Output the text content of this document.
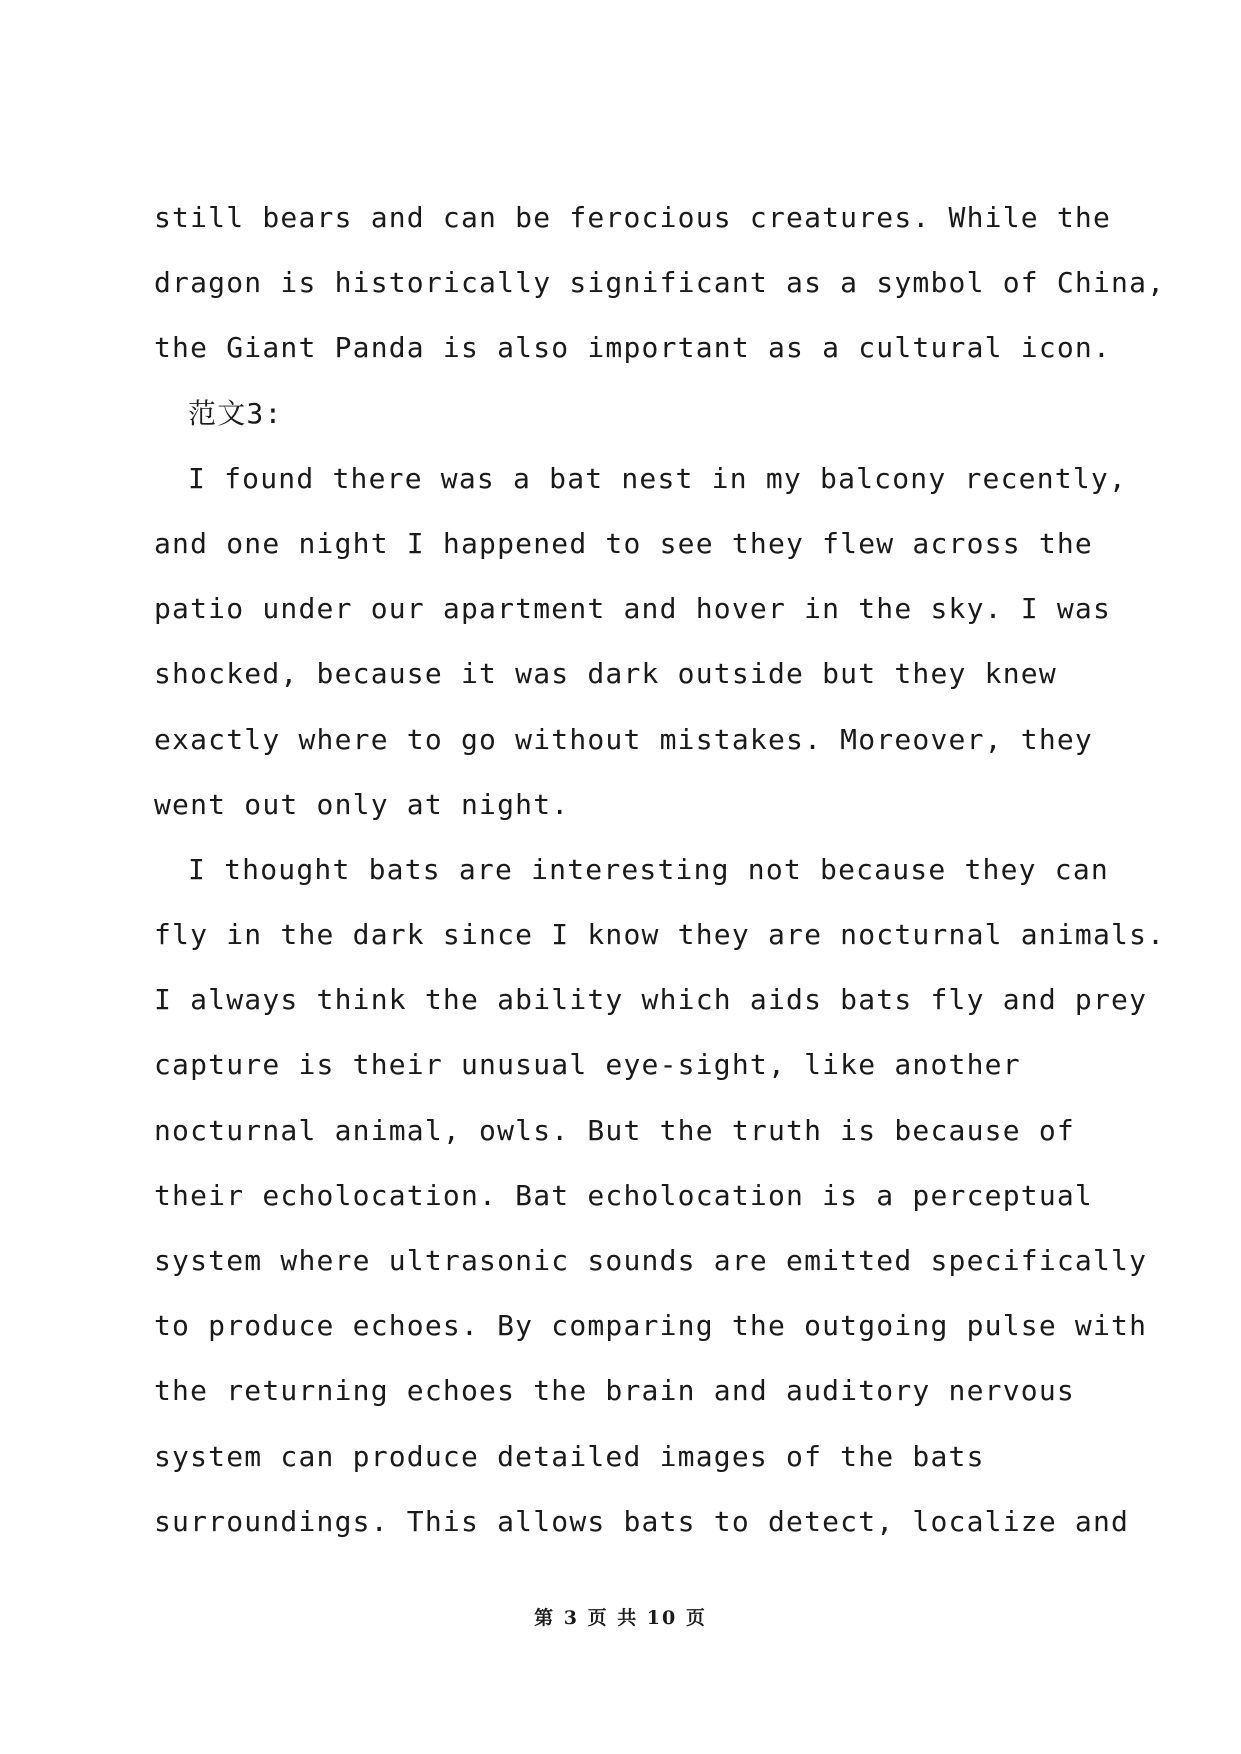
still bears and can be ferocious creatures. While the
dragon is historically significant as a symbol of China,
the Giant Panda is also important as a cultural icon.
范文3:
I found there was a bat nest in my balcony recently,
and one night I happened to see they flew across the
patio under our apartment and hover in the sky. I was
shocked, because it was dark outside but they knew
exactly where to go without mistakes. Moreover, they
went out only at night.
I thought bats are interesting not because they can
fly in the dark since I know they are nocturnal animals.
I always think the ability which aids bats fly and prey
capture is their unusual eye-sight, like another
nocturnal animal, owls. But the truth is because of
their echolocation. Bat echolocation is a perceptual
system where ultrasonic sounds are emitted specifically
to produce echoes. By comparing the outgoing pulse with
the returning echoes the brain and auditory nervous
system can produce detailed images of the bats
surroundings. This allows bats to detect, localize and
第 3 页 共 10 页
